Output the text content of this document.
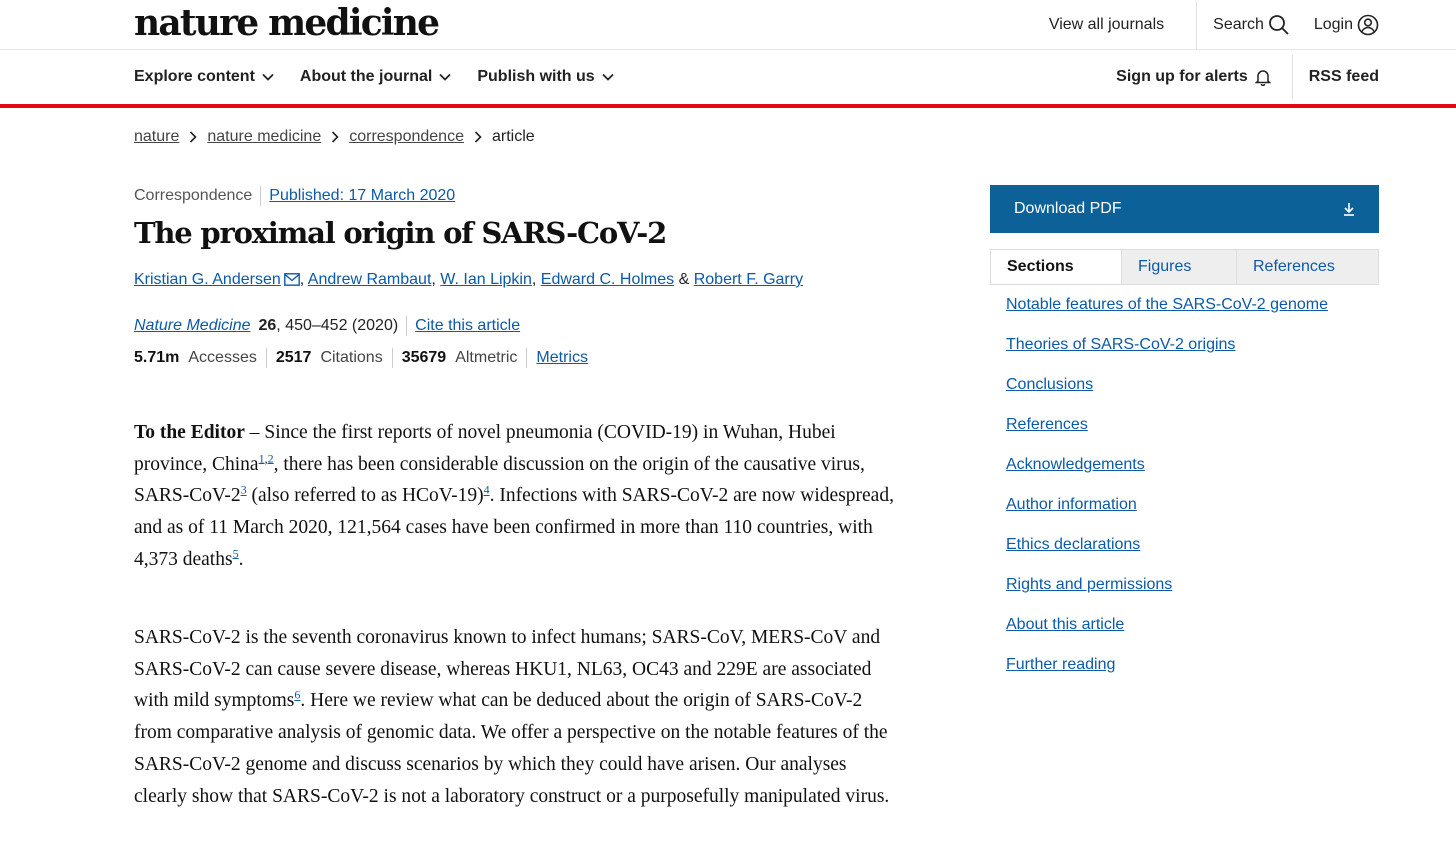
nature medicine	View all journals	Search	Login
Explore content	About the journal	Publish with us	Sign up for alerts	RSS feed
nature nature medicine correspondence article
Correspondence Published: 17 March 2020
The proximal origin of SARS-CoV-2
Kristian G. Andersen , Andrew Rambaut, W. Ian Lipkin, Edward C. Holmes & Robert F. Garry
Nature Medicine 26 , 450–452 (2020) Cite this article
5.71m Accesses 2517 Citations 35679 Altmetric Metrics

To the Editor – Since the first reports of novel pneumonia (COVID-19) in Wuhan, Hubei province, China$^{1,2}$, there has been considerable discussion on the origin of the causative virus, SARS-$CoV-2^3$ (also referred to as HCoV-19)$^4$. Infections with SARS-CoV-2 are now widespread, and as of 11 March 2020, 121,564 cases have been confirmed in more than 110 countries, with 4,373 deaths$^5$.

SARS-CoV-2 is the seventh coronavirus known to infect humans; SARS-CoV, MERS-CoV and SARS-CoV-2 can cause severe disease, whereas HKU1, NL63, OC43 and 229E are associated with mild symptoms$^6$. Here we review what can be deduced about the origin of SARS-CoV-2 from comparative analysis of genomic data. We offer a perspective on the notable features of the SARS-CoV-2 genome and discuss scenarios by which they could have arisen. Our analyses clearly show that SARS-CoV-2 is not a laboratory construct or a purposefully manipulated virus.

Download PDF
Sections	Figures	References
Notable features of the SARS-CoV-2 genome
Theories of SARS-CoV-2 origins
Conclusions
References
Acknowledgements
Author information
Ethics declarations
Rights and permissions
About this article
Further reading
